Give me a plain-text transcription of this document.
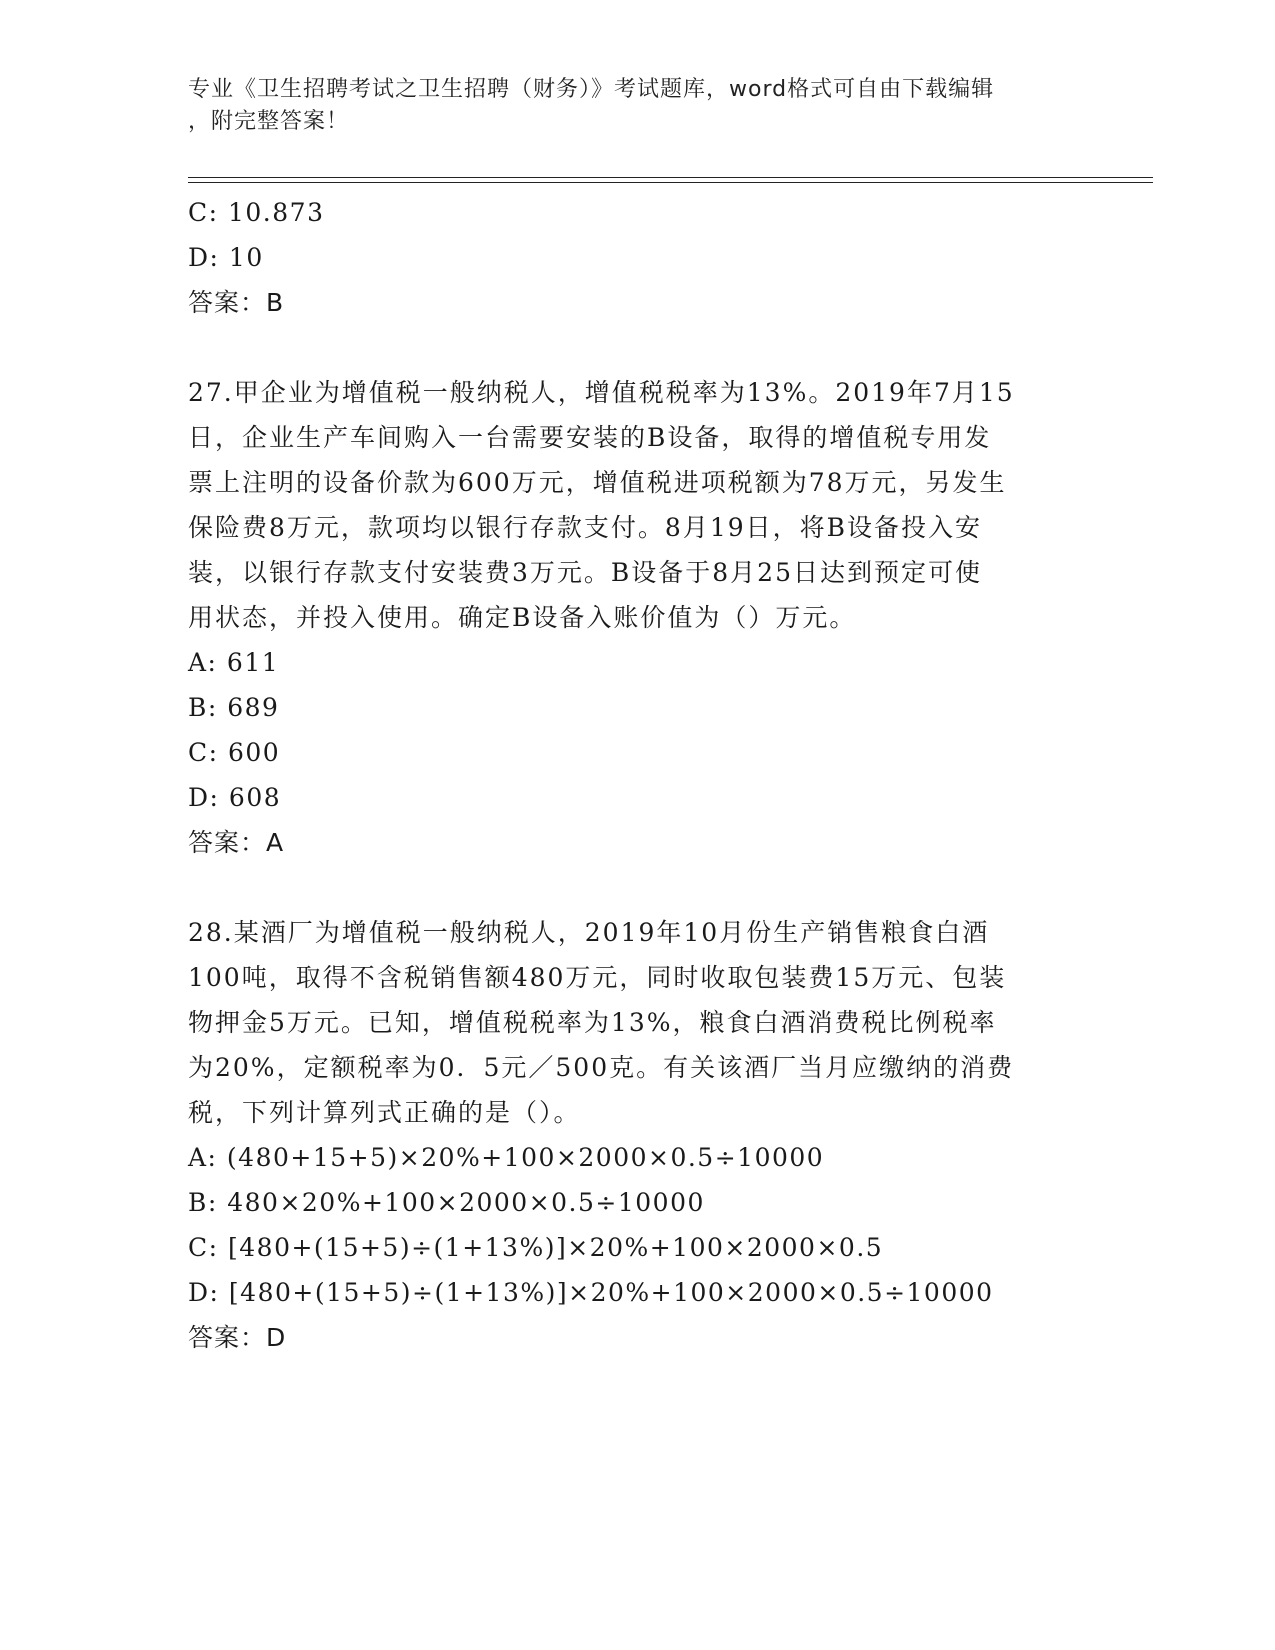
专业《卫生招聘考试之卫生招聘（财务）》考试题库，word格式可自由下载编辑
，附完整答案！
C: 10.873
D: 10
答案：B
27.甲企业为增值税一般纳税人，增值税税率为13%。2019年7月15
日，企业生产车间购入一台需要安装的B设备，取得的增值税专用发
票上注明的设备价款为600万元，增值税进项税额为78万元，另发生
保险费8万元，款项均以银行存款支付。8月19日，将B设备投入安
装，以银行存款支付安装费3万元。B设备于8月25日达到预定可使
用状态，并投入使用。确定B设备入账价值为（）万元。
A: 611
B: 689
C: 600
D: 608
答案：A
28.某酒厂为增值税一般纳税人，2019年10月份生产销售粮食白酒
100吨，取得不含税销售额480万元，同时收取包装费15万元、包装
物押金5万元。已知，增值税税率为13%，粮食白酒消费税比例税率
为20%，定额税率为0．5元／500克。有关该酒厂当月应缴纳的消费
税，下列计算列式正确的是（）。
A: (480+15+5)×20%+100×2000×0.5÷10000
B: 480×20%+100×2000×0.5÷10000
C: [480+(15+5)÷(1+13%)]×20%+100×2000×0.5
D: [480+(15+5)÷(1+13%)]×20%+100×2000×0.5÷10000
答案：D
